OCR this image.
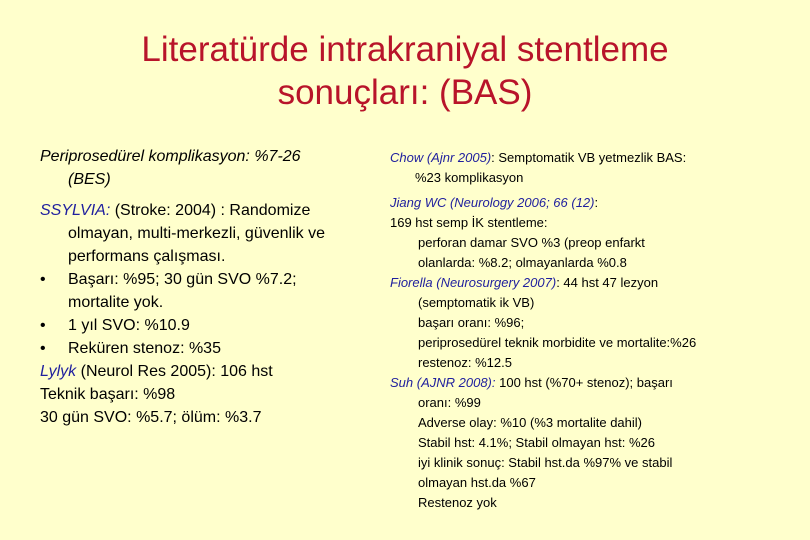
Literatürde intrakraniyal stentleme
sonuçları: (BAS)

Periprosedürel komplikasyon: %7-26

(BES)

SSYLVIA: (Stroke: 2004) : Randomize

olmayan, multi-merkezli, güvenlik ve

performans çalışması.

• Başarı: %95; 30 gün SVO %7.2;

mortalite yok.

• 1 yıl SVO: %10.9

• Reküren stenoz: %35

Lylyk (Neurol Res 2005): 106 hst

Teknik başarı: %98

30 gün SVO: %5.7; ölüm: %3.7

Chow (Ajnr 2005): Semptomatik VB yetmezlik BAS:

%23 komplikasyon

Jiang WC (Neurology 2006; 66 (12):

169 hst semp İK stentleme:

perforan damar SVO %3 (preop enfarkt

olanlarda: %8.2; olmayanlarda %0.8

Fiorella (Neurosurgery 2007): 44 hst 47 lezyon

(semptomatik ik VB)

başarı oranı: %96;

periprosedürel teknik morbidite ve mortalite:%26

restenoz: %12.5

Suh (AJNR 2008): 100 hst (%70+ stenoz); başarı

oranı: %99

Adverse olay: %10 (%3 mortalite dahil)

Stabil hst: 4.1%; Stabil olmayan hst: %26

iyi klinik sonuç: Stabil hst.da %97% ve stabil

olmayan hst.da %67

Restenoz yok
